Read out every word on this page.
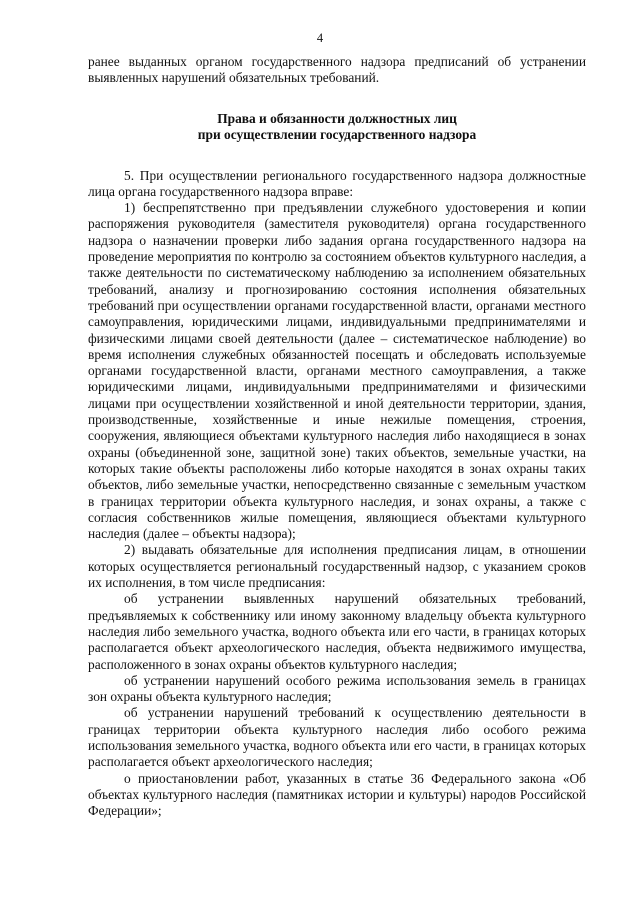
4

ранее выданных органом государственного надзора предписаний об устранении выявленных нарушений обязательных требований.

Права и обязанности должностных лиц
при осуществлении государственного надзора

5. При осуществлении регионального государственного надзора должностные лица органа государственного надзора вправе:

1) беспрепятственно при предъявлении служебного удостоверения и копии распоряжения руководителя (заместителя руководителя) органа государственного надзора о назначении проверки либо задания органа государственного надзора на проведение мероприятия по контролю за состоянием объектов культурного наследия, а также деятельности по систематическому наблюдению за исполнением обязательных требований, анализу и прогнозированию состояния исполнения обязательных требований при осуществлении органами государственной власти, органами местного самоуправления, юридическими лицами, индивидуальными предпринимателями и физическими лицами своей деятельности (далее – систематическое наблюдение) во время исполнения служебных обязанностей посещать и обследовать используемые органами государственной власти, органами местного самоуправления, а также юридическими лицами, индивидуальными предпринимателями и физическими лицами при осуществлении хозяйственной и иной деятельности территории, здания, производственные, хозяйственные и иные нежилые помещения, строения, сооружения, являющиеся объектами культурного наследия либо находящиеся в зонах охраны (объединенной зоне, защитной зоне) таких объектов, земельные участки, на которых такие объекты расположены либо которые находятся в зонах охраны таких объектов, либо земельные участки, непосредственно связанные с земельным участком в границах территории объекта культурного наследия, и зонах охраны, а также с согласия собственников жилые помещения, являющиеся объектами культурного наследия (далее – объекты надзора);

2) выдавать обязательные для исполнения предписания лицам, в отношении которых осуществляется региональный государственный надзор, с указанием сроков их исполнения, в том числе предписания:

об устранении выявленных нарушений обязательных требований, предъявляемых к собственнику или иному законному владельцу объекта культурного наследия либо земельного участка, водного объекта или его части, в границах которых располагается объект археологического наследия, объекта недвижимого имущества, расположенного в зонах охраны объектов культурного наследия;

об устранении нарушений особого режима использования земель в границах зон охраны объекта культурного наследия;

об устранении нарушений требований к осуществлению деятельности в границах территории объекта культурного наследия либо особого режима использования земельного участка, водного объекта или его части, в границах которых располагается объект археологического наследия;

о приостановлении работ, указанных в статье 36 Федерального закона «Об объектах культурного наследия (памятниках истории и культуры) народов Российской Федерации»;
